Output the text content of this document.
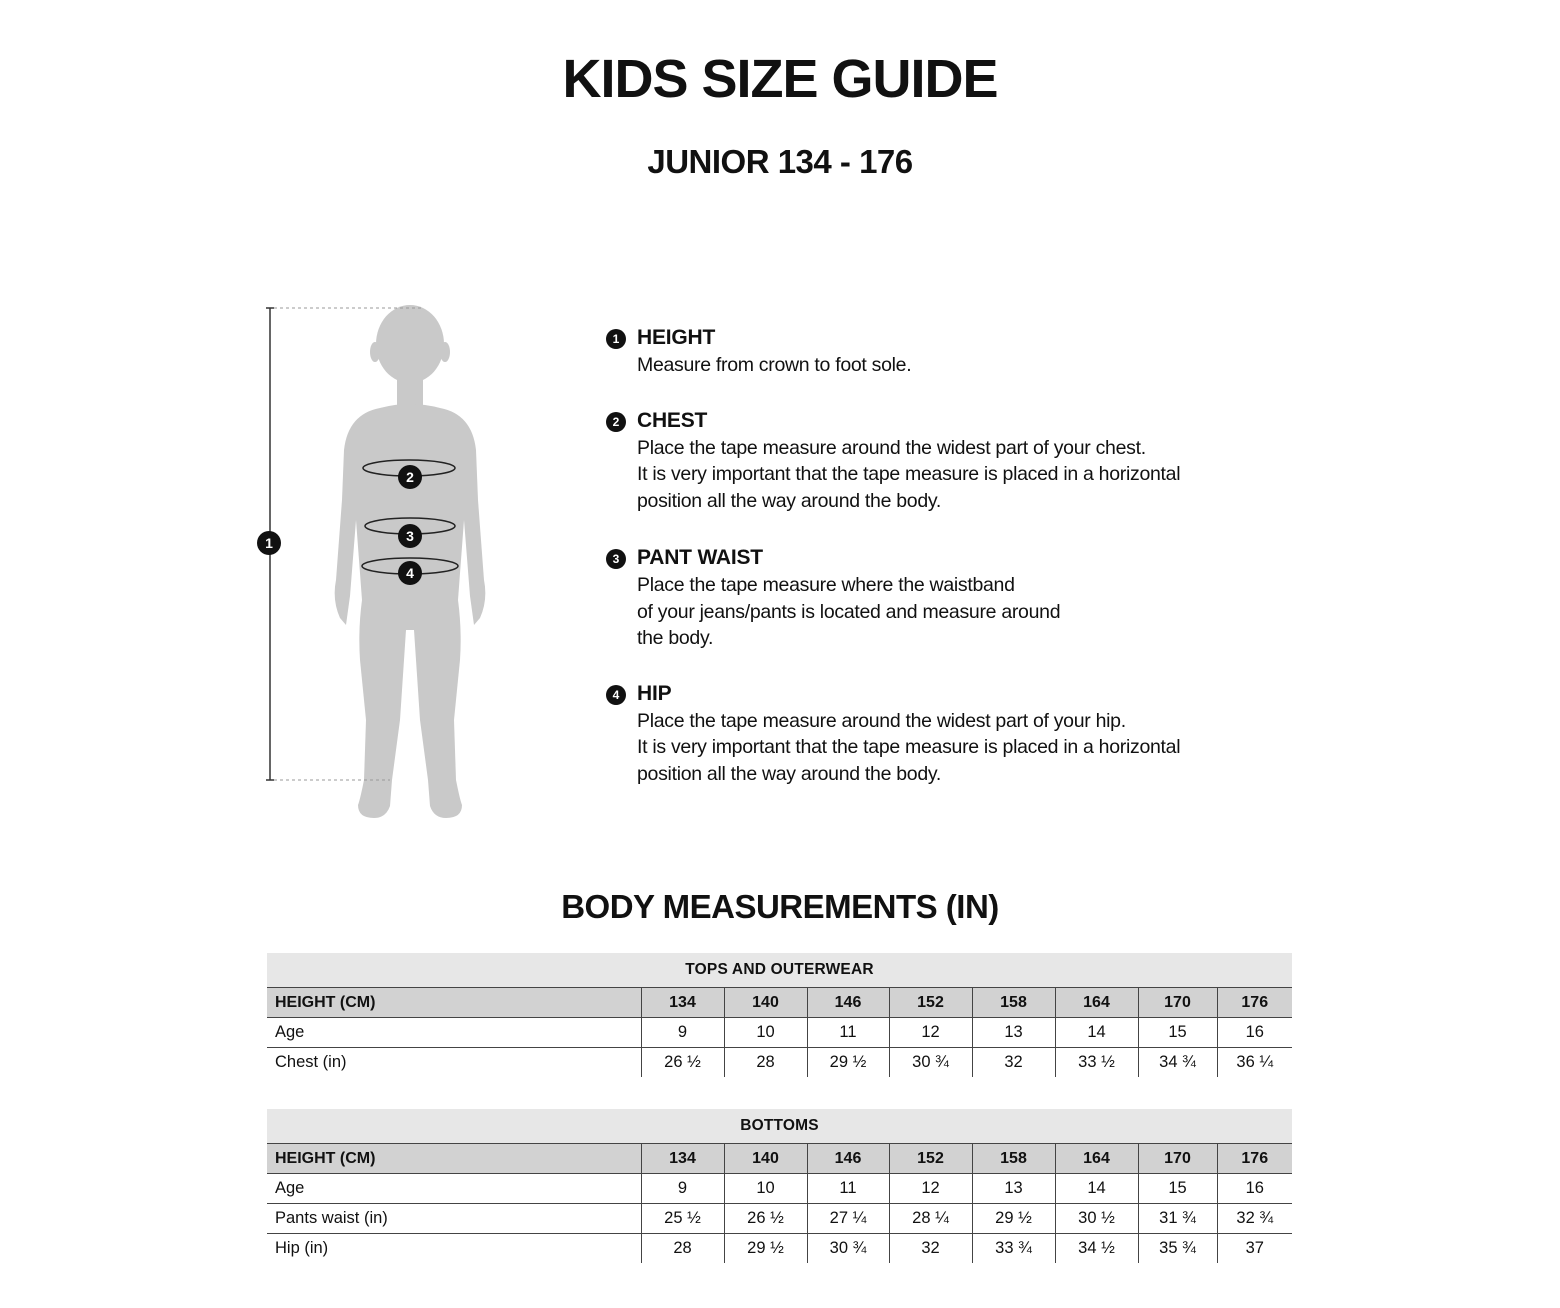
KIDS SIZE GUIDE
JUNIOR 134 - 176
1
2
3
4
1 HEIGHT
Measure from crown to foot sole.
2 CHEST
Place the tape measure around the widest part of your chest.
It is very important that the tape measure is placed in a horizontal
position all the way around the body.
3 PANT WAIST
Place the tape measure where the waistband
of your jeans/pants is located and measure around
the body.
4 HIP
Place the tape measure around the widest part of your hip.
It is very important that the tape measure is placed in a horizontal
position all the way around the body.
BODY MEASUREMENTS (IN)
TOPS AND OUTERWEAR								
HEIGHT (CM)	134	140	146	152	158	164	170	176
Age	9	10	11	12	13	14	15	16
Chest (in)	26 ½	28	29 ½	30 ¾	32	33 ½	34 ¾	36 ¼
BOTTOMS								
HEIGHT (CM)	134	140	146	152	158	164	170	176
Age	9	10	11	12	13	14	15	16
Pants waist (in)	25 ½	26 ½	27 ¼	28 ¼	29 ½	30 ½	31 ¾	32 ¾
Hip (in)	28	29 ½	30 ¾	32	33 ¾	34 ½	35 ¾	37
